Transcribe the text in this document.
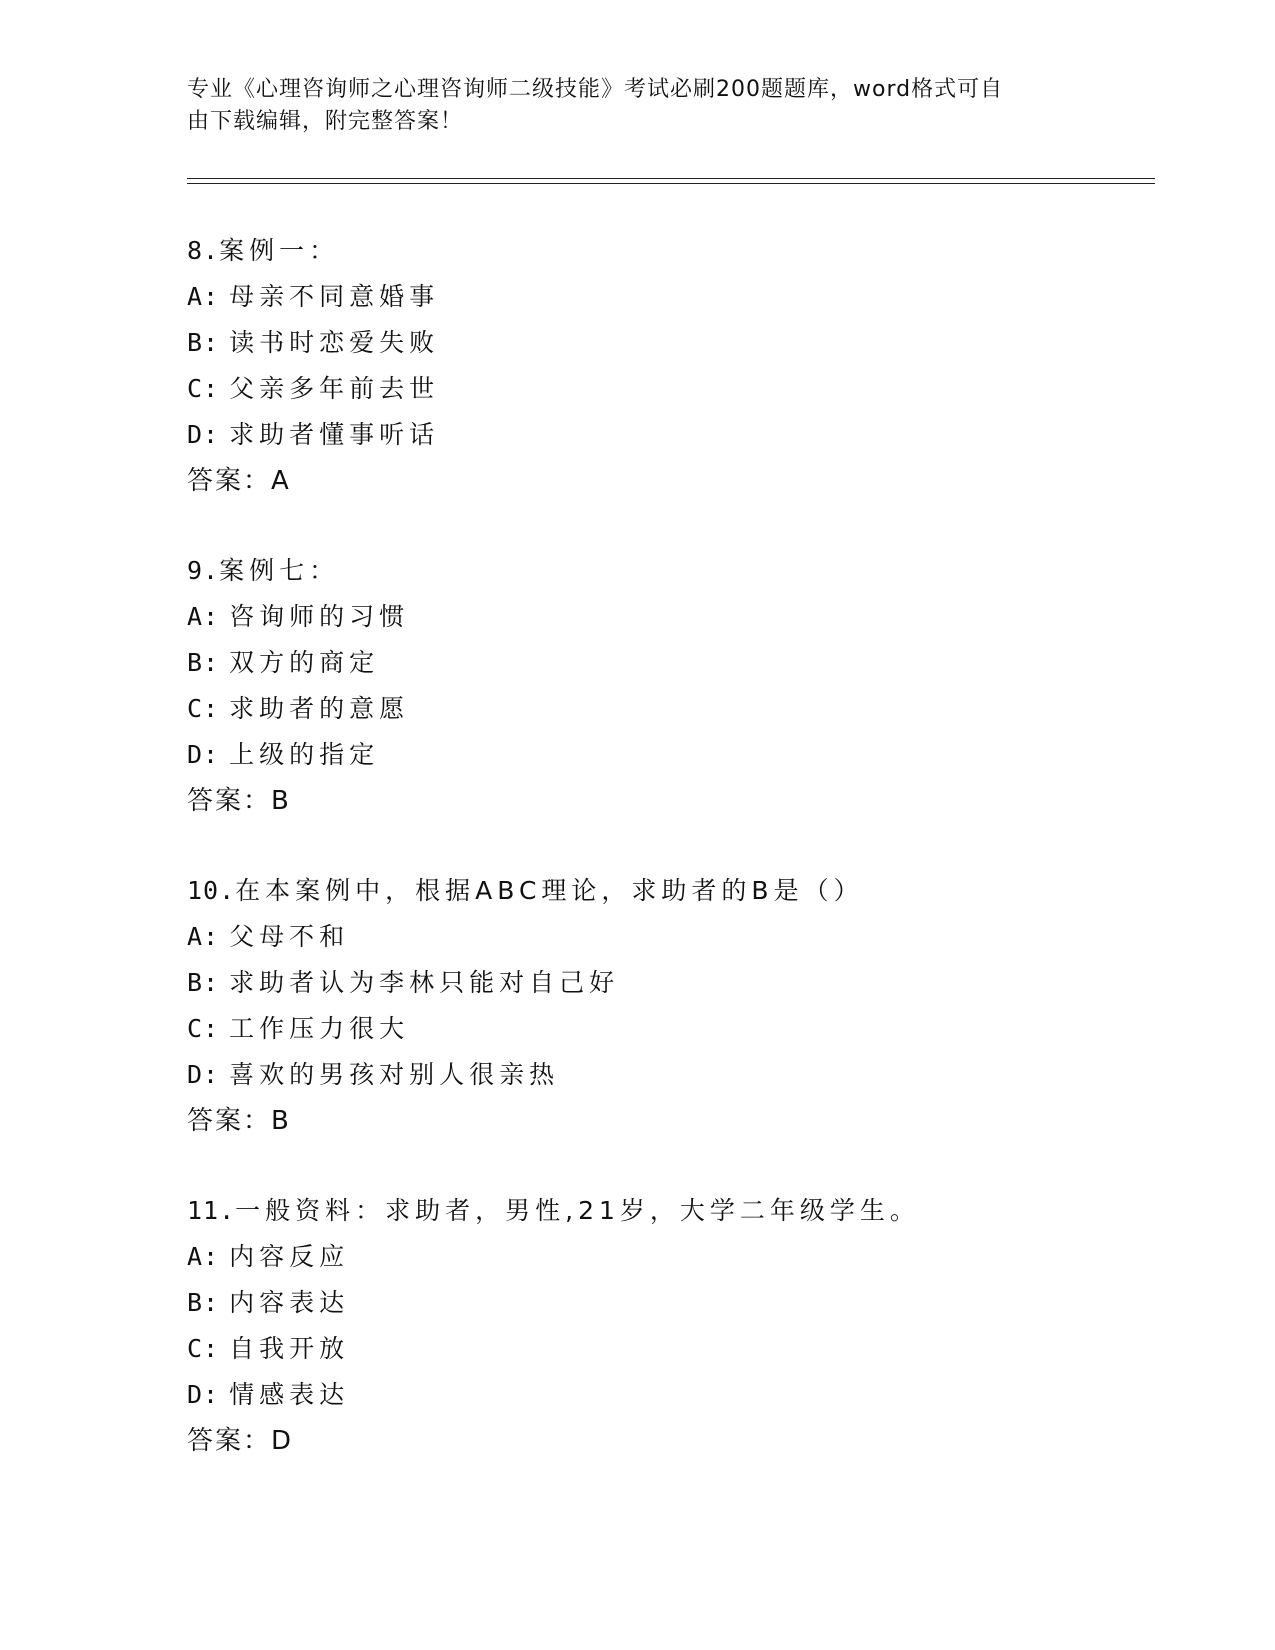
专业《心理咨询师之心理咨询师二级技能》考试必刷200题题库，word格式可自
由下载编辑，附完整答案！
8.案例一：
A: 母亲不同意婚事
B: 读书时恋爱失败
C: 父亲多年前去世
D: 求助者懂事听话
答案：A
9.案例七：
A: 咨询师的习惯
B: 双方的商定
C: 求助者的意愿
D: 上级的指定
答案：B
10.在本案例中，根据ABC理论，求助者的B是（）
A: 父母不和
B: 求助者认为李林只能对自己好
C: 工作压力很大
D: 喜欢的男孩对别人很亲热
答案：B
11.一般资料：求助者，男性,21岁，大学二年级学生。
A: 内容反应
B: 内容表达
C: 自我开放
D: 情感表达
答案：D
